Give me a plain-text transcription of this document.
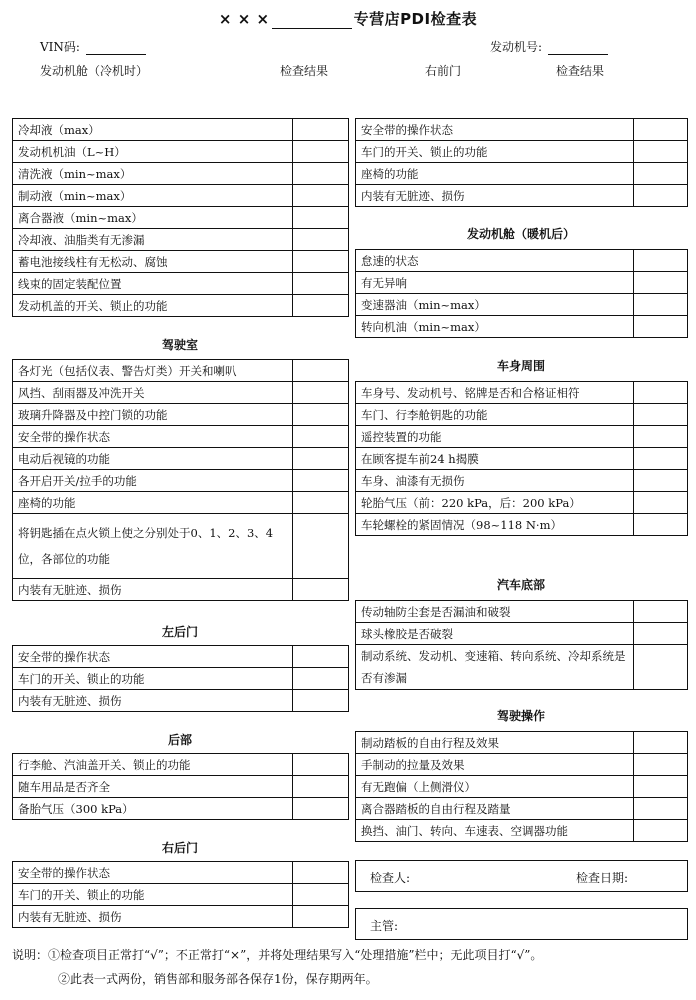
× × ×	专营店PDI检查表
VIN码:	发动机号:
发动机舱（冷机时）	检查结果	右前门	检查结果
冷却液（max）	
发动机机油（L~H）	
清洗液（min~max）	
制动液（min~max）	
离合器液（min~max）	
冷却液、油脂类有无渗漏	
蓄电池接线柱有无松动、腐蚀	
线束的固定装配位置	
发动机盖的开关、锁止的功能	
驾驶室
各灯光（包括仪表、警告灯类）开关和喇叭	
风挡、刮雨器及冲洗开关	
玻璃升降器及中控门锁的功能	
安全带的操作状态	
电动后视镜的功能	
各开启开关/拉手的功能	
座椅的功能	
将钥匙插在点火锁上使之分别处于0、1、2、3、4位，各部位的功能	
内装有无脏迹、损伤	
左后门
安全带的操作状态	
车门的开关、锁止的功能	
内装有无脏迹、损伤	
后部
行李舱、汽油盖开关、锁止的功能	
随车用品是否齐全	
备胎气压（300 kPa）	
右后门
安全带的操作状态	
车门的开关、锁止的功能	
内装有无脏迹、损伤	
安全带的操作状态	
车门的开关、锁止的功能	
座椅的功能	
内装有无脏迹、损伤	
发动机舱（暖机后）
怠速的状态	
有无异响	
变速器油（min~max）	
转向机油（min~max）	
车身周围
车身号、发动机号、铭牌是否和合格证相符	
车门、行李舱钥匙的功能	
遥控装置的功能	
在顾客提车前24 h揭膜	
车身、油漆有无损伤	
轮胎气压（前：220 kPa，后：200 kPa）	
车轮螺栓的紧固情况（98~118 N·m）	
汽车底部
传动轴防尘套是否漏油和破裂	
球头橡胶是否破裂	
制动系统、发动机、变速箱、转向系统、冷却系统是否有渗漏	
驾驶操作
制动踏板的自由行程及效果	
手制动的拉量及效果	
有无跑偏（上侧滑仪）	
离合器踏板的自由行程及踏量	
换挡、油门、转向、车速表、空调器功能	
检查人:	检查日期:
主管:
说明：①检查项目正常打“√”；不正常打“×”，并将处理结果写入“处理措施”栏中；无此项目打“√”。
②此表一式两份，销售部和服务部各保存1份，保存期两年。
